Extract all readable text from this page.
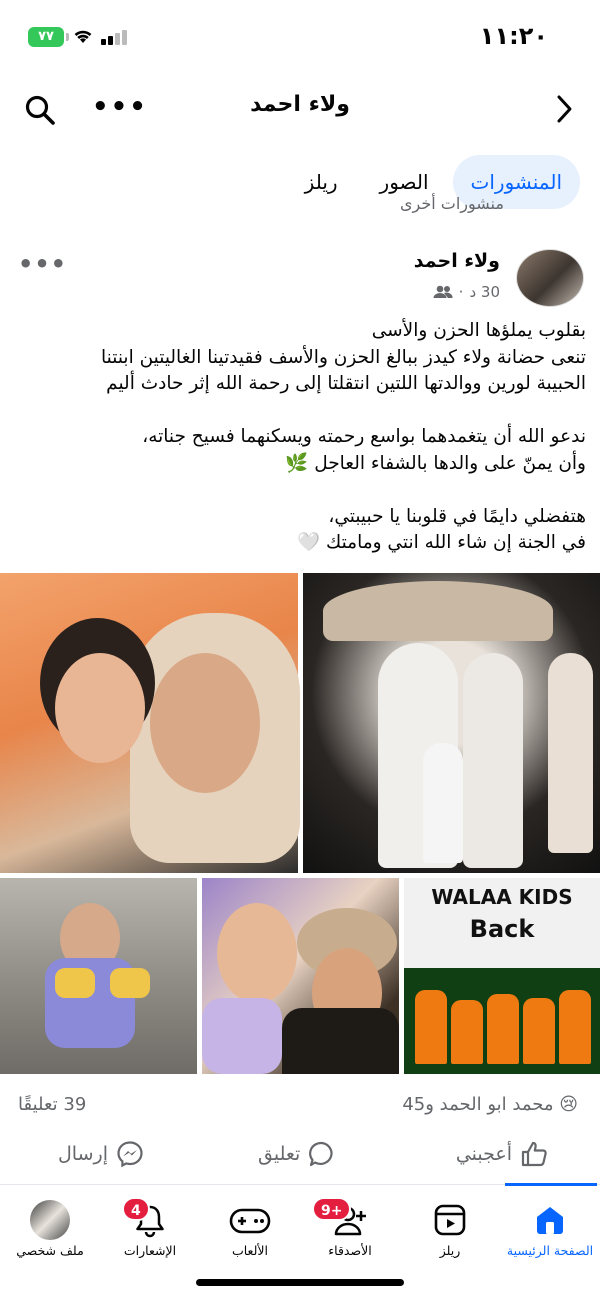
٧٧	١١:٢٠
•••	ولاء احمد
المنشورات
الصور
ريلز
منشورات أخرى
ولاء احمد
30 د
·
•••

بقلوب يملؤها الحزن والأسى

تنعى حضانة ولاء كيدز ببالغ الحزن والأسف فقيدتينا الغاليتين ابنتنا

الحبيبة لورين ووالدتها اللتين انتقلتا إلى رحمة الله إثر حادث أليم

ندعو الله أن يتغمدهما بواسع رحمته ويسكنهما فسيح جناته،

وأن يمنّ على والدها بالشفاء العاجل 🌿

هتفضلي دايمًا في قلوبنا يا حبيبتي،

في الجنة إن شاء الله انتي ومامتك 🤍

WALAA KIDS
Back
😢 محمد ابو الحمد و45
39 تعليقًا
أعجبني
تعليق
إرسال
الصفحة الرئيسية
ريلز
9+
الأصدقاء
الألعاب
4
الإشعارات
ملف شخصي
